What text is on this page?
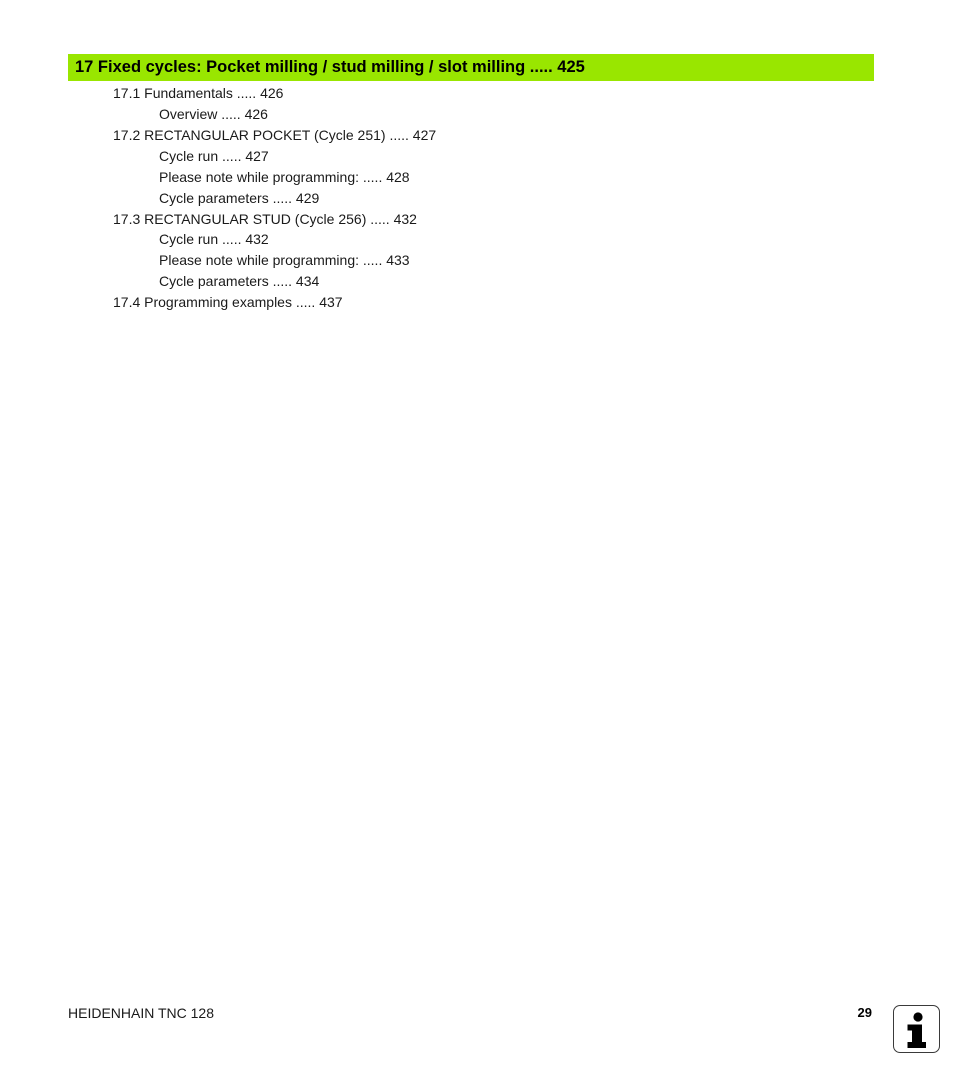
17 Fixed cycles: Pocket milling / stud milling / slot milling ..... 425
17.1 Fundamentals ..... 426
Overview ..... 426
17.2 RECTANGULAR POCKET (Cycle 251) ..... 427
Cycle run ..... 427
Please note while programming: ..... 428
Cycle parameters ..... 429
17.3 RECTANGULAR STUD (Cycle 256) ..... 432
Cycle run ..... 432
Please note while programming: ..... 433
Cycle parameters ..... 434
17.4 Programming examples ..... 437
HEIDENHAIN TNC 128	29
